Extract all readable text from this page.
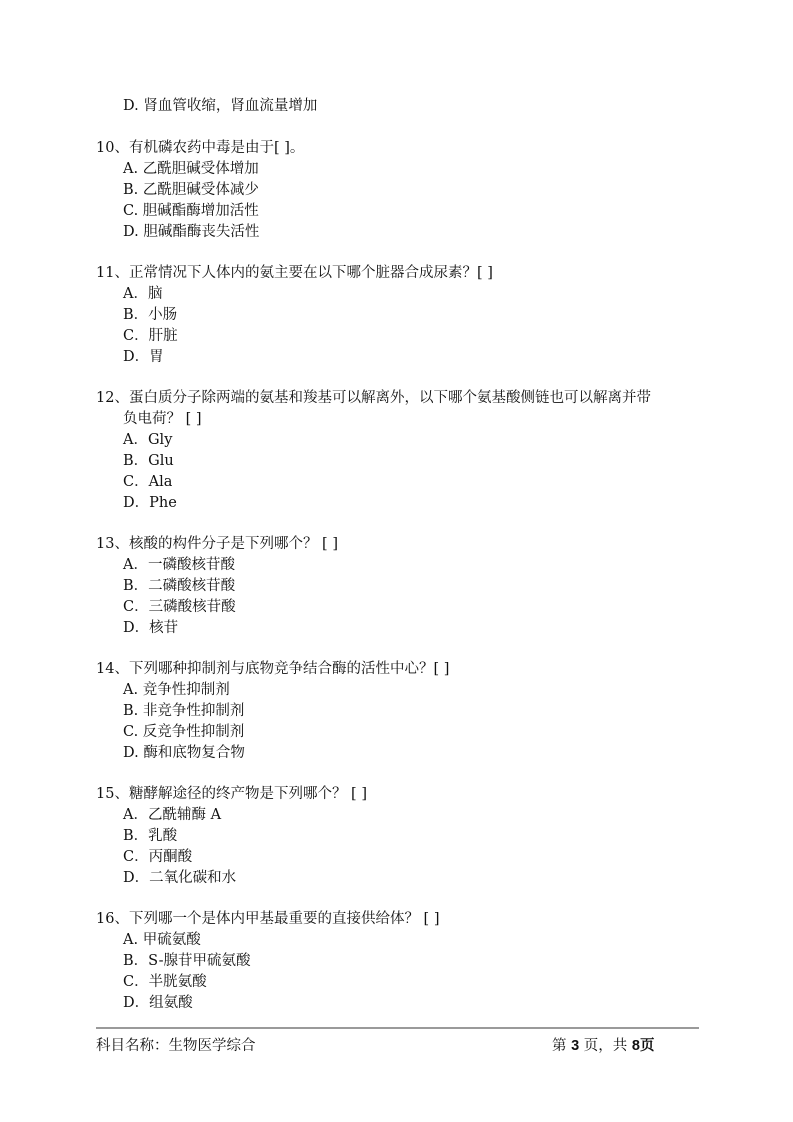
D. 肾血管收缩，肾血流量增加
10、有机磷农药中毒是由于[ ]。
A. 乙酰胆碱受体增加
B. 乙酰胆碱受体减少
C. 胆碱酯酶增加活性
D. 胆碱酯酶丧失活性
11、正常情况下人体内的氨主要在以下哪个脏器合成尿素？[ ]
A．脑
B．小肠
C．肝脏
D．胃
12、蛋白质分子除两端的氨基和羧基可以解离外，以下哪个氨基酸侧链也可以解离并带
负电荷？ [ ]
A．Gly
B．Glu
C．Ala
D．Phe
13、核酸的构件分子是下列哪个？ [ ]
A．一磷酸核苷酸
B．二磷酸核苷酸
C．三磷酸核苷酸
D．核苷
14、下列哪种抑制剂与底物竞争结合酶的活性中心？[ ]
A. 竞争性抑制剂
B. 非竞争性抑制剂
C. 反竞争性抑制剂
D. 酶和底物复合物
15、糖酵解途径的终产物是下列哪个？ [ ]
A．乙酰辅酶 A
B．乳酸
C．丙酮酸
D．二氧化碳和水
16、下列哪一个是体内甲基最重要的直接供给体？ [ ]
A. 甲硫氨酸
B．S-腺苷甲硫氨酸
C．半胱氨酸
D．组氨酸
科目名称：生物医学综合	第 3 页，共 8页
